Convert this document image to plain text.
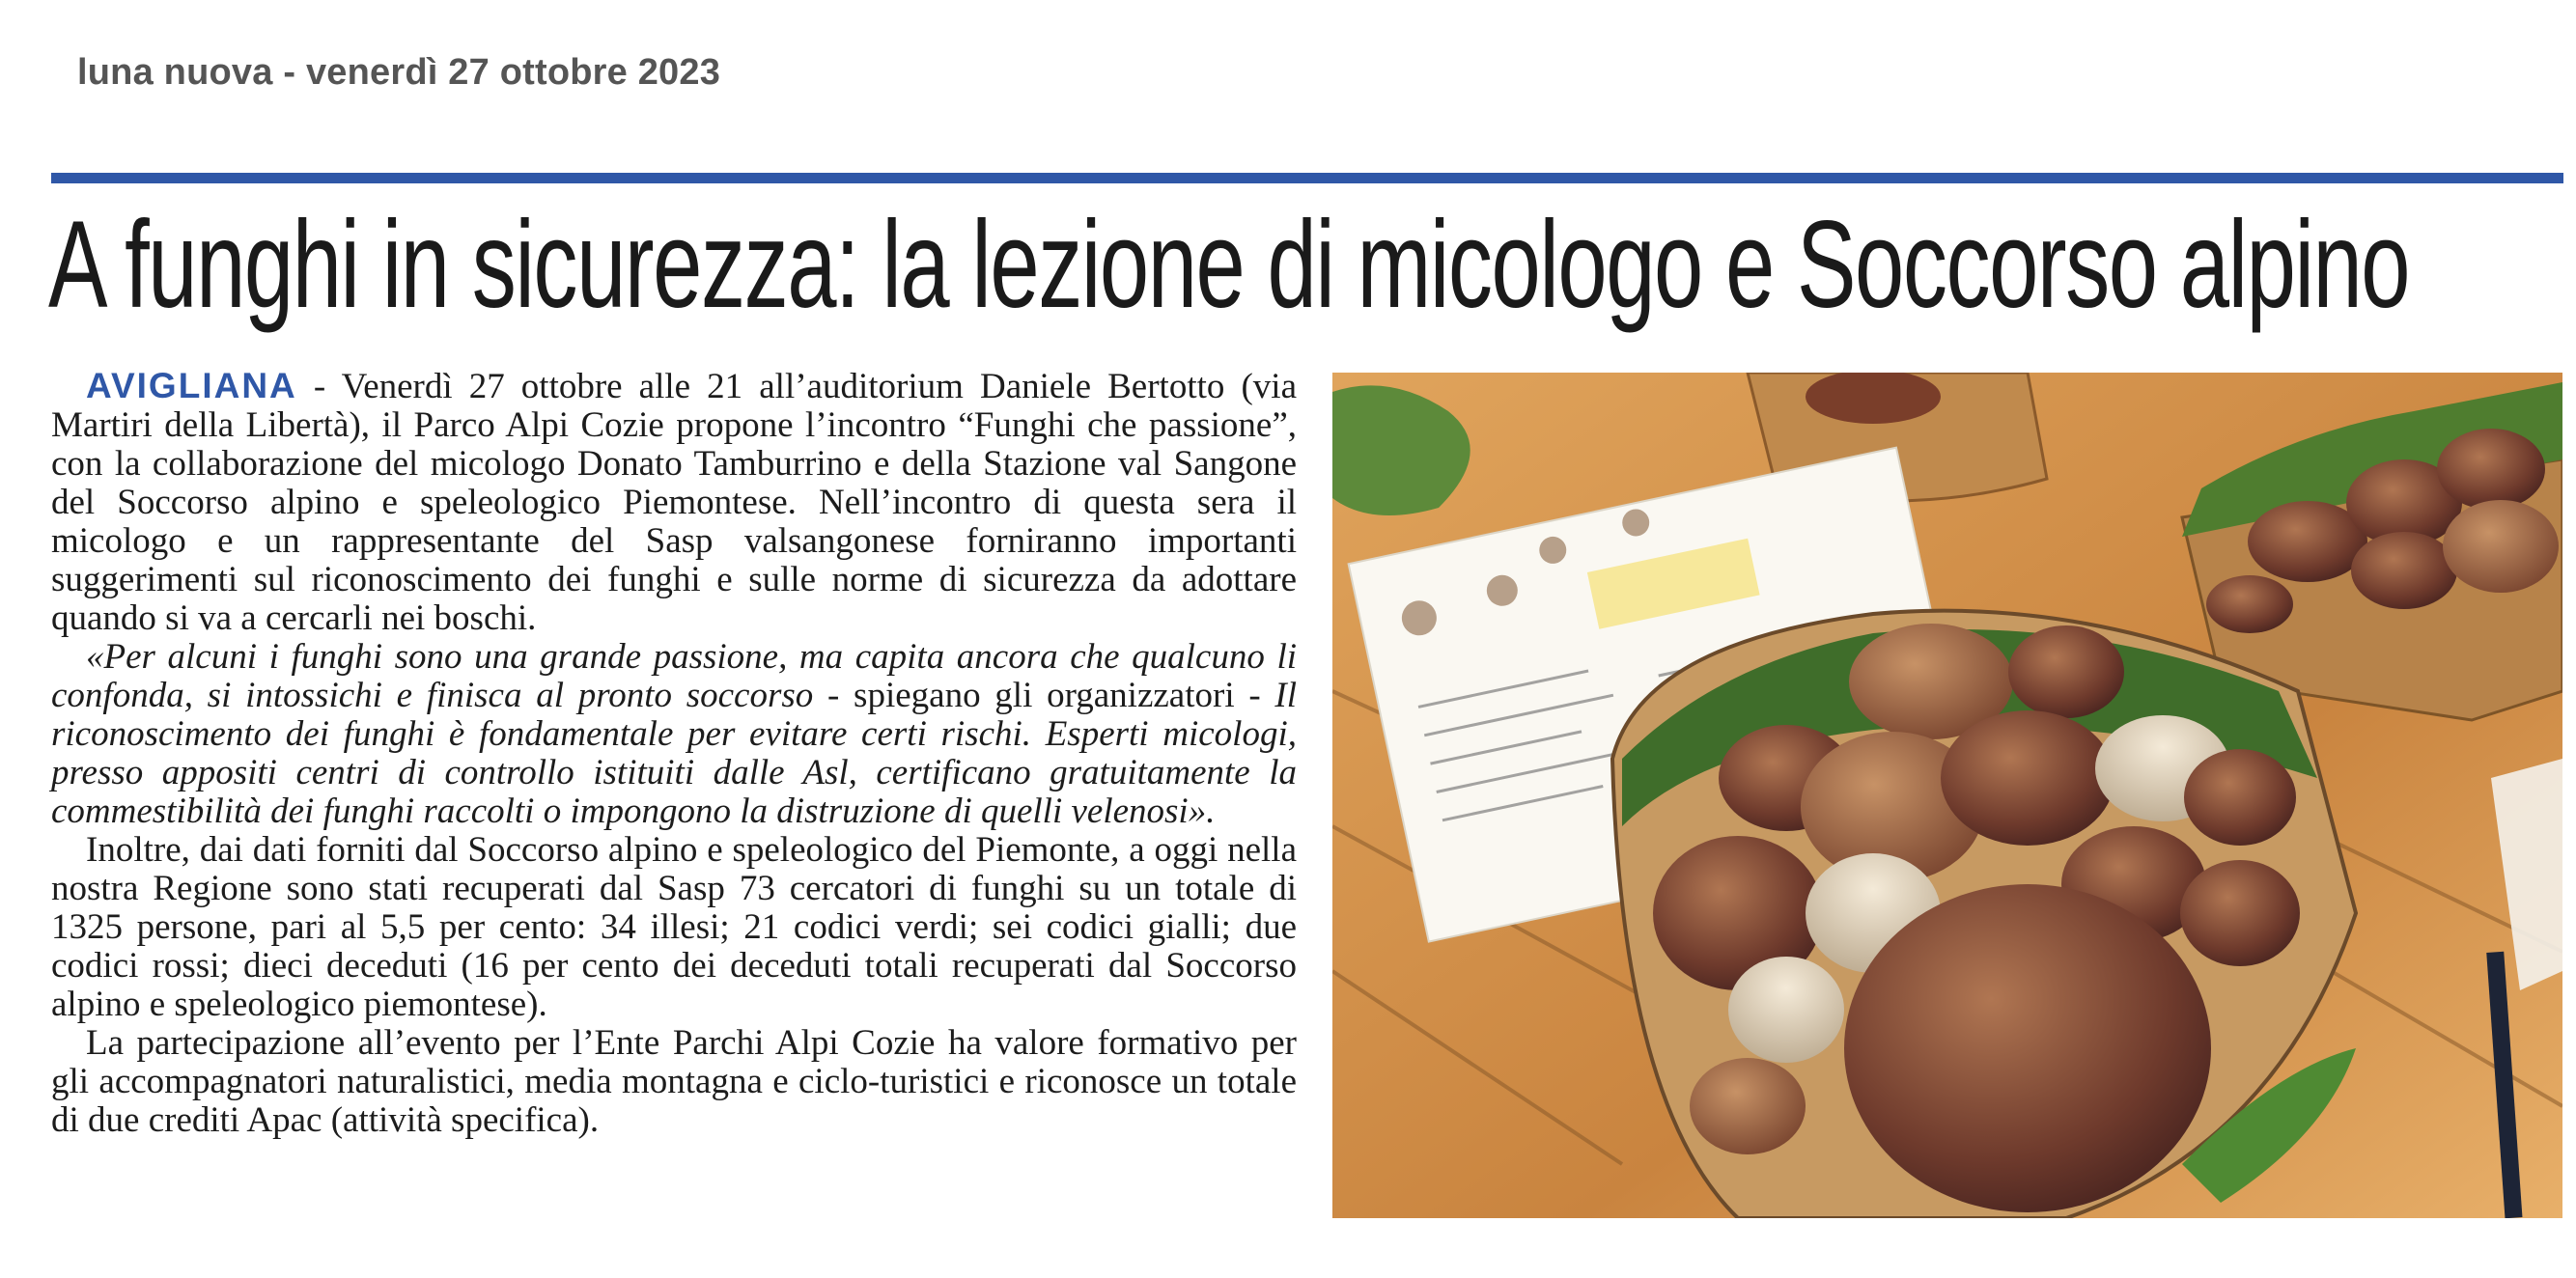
luna nuova - venerdì 27 ottobre 2023
A funghi in sicurezza: la lezione di micologo e Soccorso alpino

AVIGLIANA - Venerdì 27 ottobre alle 21 all’auditorium Daniele Bertotto (via Martiri della Libertà), il Parco Alpi Cozie propone l’incontro “Funghi che passione”, con la collaborazione del micologo Donato Tamburrino e della Stazione val Sangone del Soccorso alpino e speleologico Piemontese. Nell’incontro di questa sera il micologo e un rappresentante del Sasp valsangonese forniranno importanti suggerimenti sul riconoscimento dei funghi e sulle norme di sicurezza da adottare quando si va a cercarli nei boschi.

«Per alcuni i funghi sono una grande passione, ma capita ancora che qualcuno li confonda, si intossichi e finisca al pronto soccorso - spiegano gli organizzatori - Il riconoscimento dei funghi è fondamentale per evitare certi rischi. Esperti micologi, presso appositi centri di controllo istituiti dalle Asl, certificano gratuitamente la commestibilità dei funghi raccolti o impongono la distruzione di quelli velenosi».

Inoltre, dai dati forniti dal Soccorso alpino e speleologico del Piemonte, a oggi nella nostra Regione sono stati recuperati dal Sasp 73 cercatori di funghi su un totale di 1325 persone, pari al 5,5 per cento: 34 illesi; 21 codici verdi; sei codici gialli; due codici rossi; dieci deceduti (16 per cento dei deceduti totali recuperati dal Soccorso alpino e speleologico piemontese).

La partecipazione all’evento per l’Ente Parchi Alpi Cozie ha valore formativo per gli accompagnatori naturalistici, media montagna e ciclo-turistici e riconosce un totale di due crediti Apac (attività specifica).
